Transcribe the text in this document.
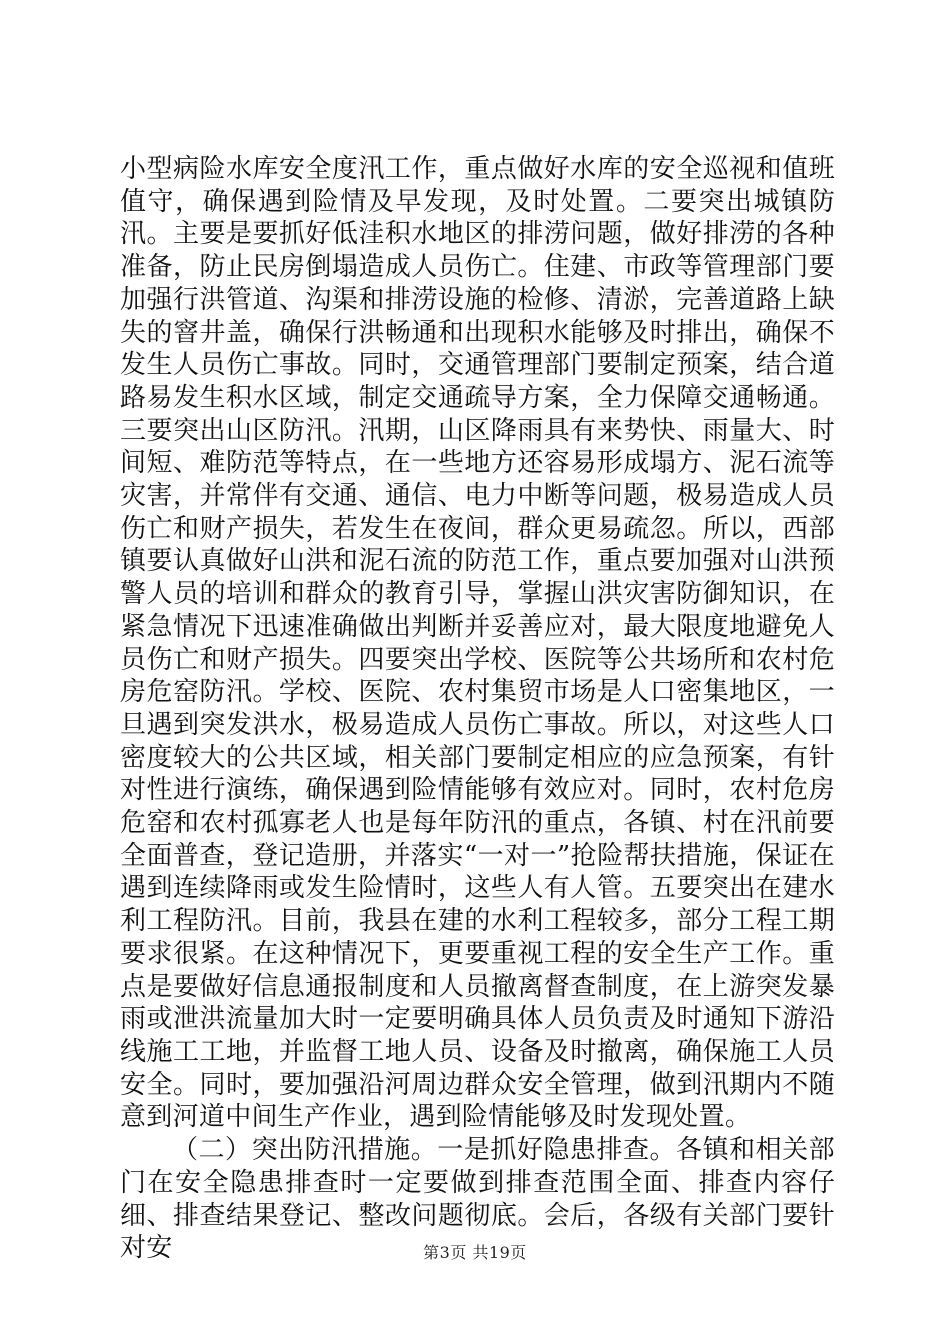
小型病险水库安全度汛工作，重点做好水库的安全巡视和值班值守，确保遇到险情及早发现，及时处置。二要突出城镇防汛。主要是要抓好低洼积水地区的排涝问题，做好排涝的各种准备，防止民房倒塌造成人员伤亡。住建、市政等管理部门要加强行洪管道、沟渠和排涝设施的检修、清淤，完善道路上缺失的窨井盖，确保行洪畅通和出现积水能够及时排出，确保不发生人员伤亡事故。同时，交通管理部门要制定预案，结合道路易发生积水区域，制定交通疏导方案，全力保障交通畅通。三要突出山区防汛。汛期，山区降雨具有来势快、雨量大、时间短、难防范等特点，在一些地方还容易形成塌方、泥石流等灾害，并常伴有交通、通信、电力中断等问题，极易造成人员伤亡和财产损失，若发生在夜间，群众更易疏忽。所以，西部镇要认真做好山洪和泥石流的防范工作，重点要加强对山洪预警人员的培训和群众的教育引导，掌握山洪灾害防御知识，在紧急情况下迅速准确做出判断并妥善应对，最大限度地避免人员伤亡和财产损失。四要突出学校、医院等公共场所和农村危房危窑防汛。学校、医院、农村集贸市场是人口密集地区，一旦遇到突发洪水，极易造成人员伤亡事故。所以，对这些人口密度较大的公共区域，相关部门要制定相应的应急预案，有针对性进行演练，确保遇到险情能够有效应对。同时，农村危房危窑和农村孤寡老人也是每年防汛的重点，各镇、村在汛前要全面普查，登记造册，并落实“一对一”抢险帮扶措施，保证在遇到连续降雨或发生险情时，这些人有人管。五要突出在建水利工程防汛。目前，我县在建的水利工程较多，部分工程工期要求很紧。在这种情况下，更要重视工程的安全生产工作。重点是要做好信息通报制度和人员撤离督查制度，在上游突发暴雨或泄洪流量加大时一定要明确具体人员负责及时通知下游沿线施工工地，并监督工地人员、设备及时撤离，确保施工人员安全。同时，要加强沿河周边群众安全管理，做到汛期内不随意到河道中间生产作业，遇到险情能够及时发现处置。

（二）突出防汛措施。一是抓好隐患排查。各镇和相关部门在安全隐患排查时一定要做到排查范围全面、排查内容仔细、排查结果登记、整改问题彻底。会后，各级有关部门要针对安	第3页 共19页
